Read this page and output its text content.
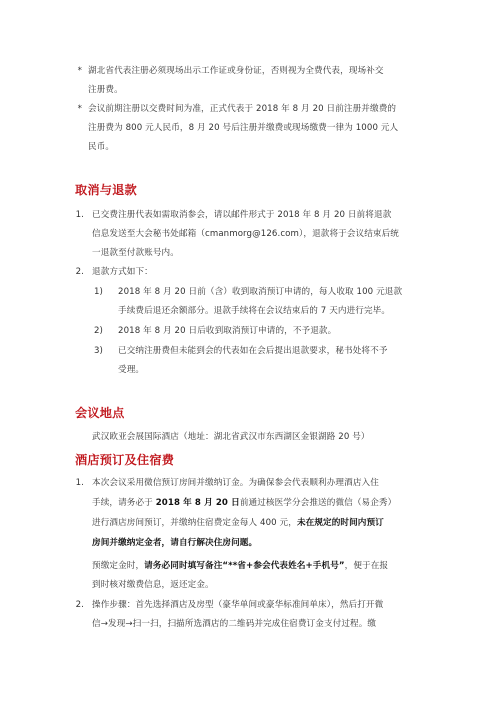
* 湖北省代表注册必须现场出示工作证或身份证，否则视为全费代表，现场补交
注册费。
* 会议前期注册以交费时间为准，正式代表于 2018 年 8 月 20 日前注册并缴费的
注册费为 800 元人民币，8 月 20 号后注册并缴费或现场缴费一律为 1000 元人
民币。
取消与退款
1. 已交费注册代表如需取消参会，请以邮件形式于 2018 年 8 月 20 日前将退款
信息发送至大会秘书处邮箱（cmanmorg@126.com），退款将于会议结束后统
一退款至付款账号内。
2. 退款方式如下：
1) 2018 年 8 月 20 日前（含）收到取消预订申请的，每人收取 100 元退款
手续费后退还余额部分。退款手续将在会议结束后的 7 天内进行完毕。
2) 2018 年 8 月 20 日后收到取消预订申请的，不予退款。
3) 已交纳注册费但未能到会的代表如在会后提出退款要求，秘书处将不予
受理。
会议地点
武汉欧亚会展国际酒店（地址：湖北省武汉市东西湖区金银湖路 20 号）
酒店预订及住宿费
1. 本次会议采用微信预订房间并缴纳订金。为确保参会代表顺利办理酒店入住
手续，请务必于 2018 年 8 月 20 日前通过核医学分会推送的微信（易企秀）
进行酒店房间预订，并缴纳住宿费定金每人 400 元，未在规定的时间内预订
房间并缴纳定金者，请自行解决住房问题。
预缴定金时，请务必同时填写备注“**省+参会代表姓名+手机号”，便于在报
到时核对缴费信息，返还定金。
2. 操作步骤：首先选择酒店及房型（豪华单间或豪华标准间单床），然后打开微
信→发现→扫一扫，扫描所选酒店的二维码并完成住宿费订金支付过程。缴
